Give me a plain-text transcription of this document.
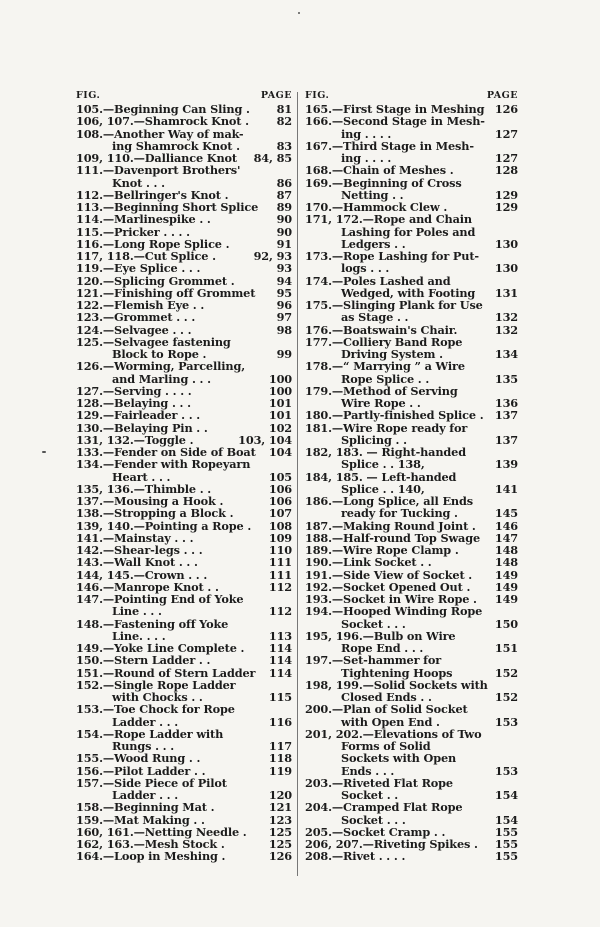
FIG.	PAGE
81
105.—Beginning Can Sling .
82
106, 107.—Shamrock Knot .
108.—Another Way of mak-
83
ing Shamrock Knot .
84, 85
109, 110.—Dalliance Knot
111.—Davenport Brothers'
86
Knot . . .
87
112.—Bellringer's Knot .
89
113.—Beginning Short Splice
90
114.—Marlinespike . .
90
115.—Pricker . . . .
91
116.—Long Rope Splice .
92, 93
117, 118.—Cut Splice .
93
119.—Eye Splice . . .
94
120.—Splicing Grommet .
95
121.—Finishing off Grommet
96
122.—Flemish Eye . .
97
123.—Grommet . . .
98
124.—Selvagee . . .
125.—Selvagee fastening
99
Block to Rope .
126.—Worming, Parcelling,
100
and Marling . . .
100
127.—Serving . . . .
101
128.—Belaying . . .
101
129.—Fairleader . . .
102
130.—Belaying Pin . .
103, 104
131, 132.—Toggle .
104
133.—Fender on Side of Boat
134.—Fender with Ropeyarn
105
Heart . . .
106
135, 136.—Thimble . .
106
137.—Mousing a Hook .
107
138.—Stropping a Block .
108
139, 140.—Pointing a Rope .
109
141.—Mainstay . . .
110
142.—Shear-legs . . .
111
143.—Wall Knot . . .
111
144, 145.—Crown . . .
112
146.—Manrope Knot . .
147.—Pointing End of Yoke
112
Line . . .
148.—Fastening off Yoke
113
Line. . . .
114
149.—Yoke Line Complete .
114
150.—Stern Ladder . .
114
151.—Round of Stern Ladder
152.—Single Rope Ladder
115
with Chocks . .
153.—Toe Chock for Rope
116
Ladder . . .
154.—Rope Ladder with
117
Rungs . . .
118
155.—Wood Rung . .
119
156.—Pilot Ladder . .
157.—Side Piece of Pilot
120
Ladder . . .
121
158.—Beginning Mat .
123
159.—Mat Making . .
125
160, 161.—Netting Needle .
125
162, 163.—Mesh Stock .
126
164.—Loop in Meshing .
FIG.	PAGE
126
165.—First Stage in Meshing
166.—Second Stage in Mesh-
127
ing . . . .
167.—Third Stage in Mesh-
127
ing . . . .
128
168.—Chain of Meshes .
169.—Beginning of Cross
129
Netting . .
129
170.—Hammock Clew .
171, 172.—Rope and Chain
Lashing for Poles and
130
Ledgers . .
173.—Rope Lashing for Put-
130
logs . . .
174.—Poles Lashed and
131
Wedged, with Footing
175.—Slinging Plank for Use
132
as Stage . .
132
176.—Boatswain's Chair.
177.—Colliery Band Rope
134
Driving System .
178.—“ Marrying ” a Wire
135
Rope Splice . .
179.—Method of Serving
136
Wire Rope . .
137
180.—Partly-finished Splice .
181.—Wire Rope ready for
137
Splicing . .
182, 183. — Right-handed
139
Splice . . 138,
184, 185. — Left-handed
141
Splice . . 140,
186.—Long Splice, all Ends
145
ready for Tucking .
146
187.—Making Round Joint .
147
188.—Half-round Top Swage
148
189.—Wire Rope Clamp .
148
190.—Link Socket . .
149
191.—Side View of Socket .
149
192.—Socket Opened Out .
149
193.—Socket in Wire Rope .
194.—Hooped Winding Rope
150
Socket . . .
195, 196.—Bulb on Wire
151
Rope End . . .
197.—Set-hammer for
152
Tightening Hoops
198, 199.—Solid Sockets with
152
Closed Ends . .
200.—Plan of Solid Socket
153
with Open End .
201, 202.—Elevations of Two
Forms of Solid
Sockets with Open
153
Ends . . .
203.—Riveted Flat Rope
154
Socket . .
204.—Cramped Flat Rope
154
Socket . . .
155
205.—Socket Cramp . .
155
206, 207.—Riveting Spikes .
155
208.—Rivet . . . .
